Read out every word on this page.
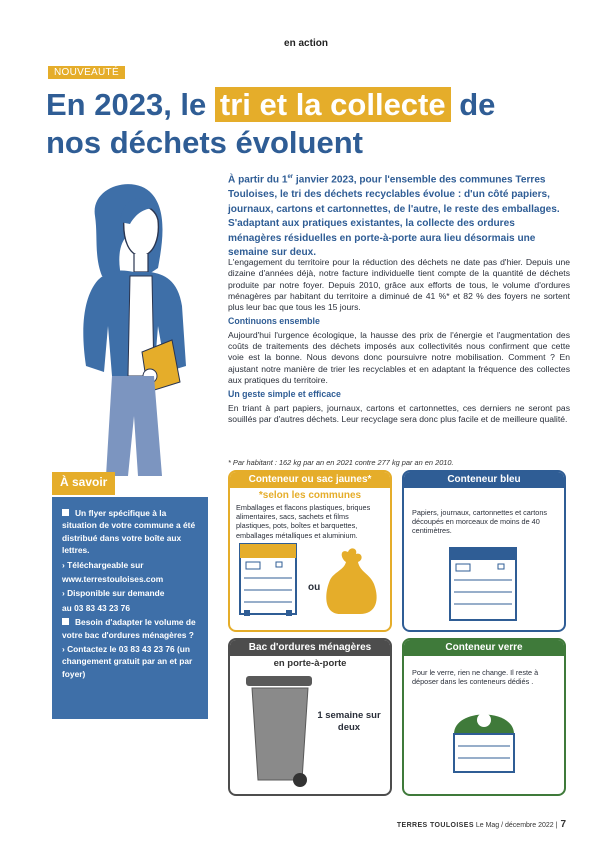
en action
NOUVEAUTÉ
En 2023, le tri et la collecte de
nos déchets évoluent
À partir du 1er janvier 2023, pour l'ensemble des communes Terres Touloises, le tri des déchets recyclables évolue : d'un côté papiers, journaux, cartons et cartonnettes, de l'autre, le reste des emballages. S'adaptant aux pratiques existantes, la collecte des ordures ménagères résiduelles en porte-à-porte aura lieu désormais une semaine sur deux.

L'engagement du territoire pour la réduction des déchets ne date pas d'hier. Depuis une dizaine d'années déjà, notre facture individuelle tient compte de la quantité de déchets produite par notre foyer. Depuis 2010, grâce aux efforts de tous, le volume d'ordures ménagères par habitant du territoire a diminué de 41 %* et 82 % des foyers ne sortent plus leur bac que tous les 15 jours.

Continuons ensemble

Aujourd'hui l'urgence écologique, la hausse des prix de l'énergie et l'augmentation des coûts de traitements des déchets imposés aux collectivités nous confirment que cette voie est la bonne. Nous devons donc poursuivre notre mobilisation. Comment ? En ajustant notre manière de trier les recyclables et en adaptant la fréquence des collectes aux pratiques du territoire.

Un geste simple et efficace

En triant à part papiers, journaux, cartons et cartonnettes, ces derniers ne seront pas souillés par d'autres déchets. Leur recyclage sera donc plus facile et de meilleure qualité.

* Par habitant : 162 kg par an en 2021 contre 277 kg par an en 2010.

Un flyer spécifique à la situation de votre commune a été distribué dans votre boîte aux lettres.

› Téléchargeable sur

www.terrestouloises.com

› Disponible sur demande

au 03 83 43 23 76

Besoin d'adapter le volume de votre bac d'ordures ménagères ?

› Contactez le 03 83 43 23 76 (un changement gratuit par an et par foyer)

À savoir	Conteneur ou sac jaunes*
*selon les communes
Emballages et flacons plastiques, briques alimentaires, sacs, sachets et films plastiques, pots, boîtes et barquettes, emballages métalliques et aluminium.
ou
Conteneur bleu
Papiers, journaux, cartonnettes et cartons découpés en morceaux de moins de 40 centimètres.
Bac d'ordures ménagères
en porte-à-porte
1 semaine sur deux
Conteneur verre
Pour le verre, rien ne change. Il reste à déposer dans les conteneurs dédiés .
TERRES TOULOISES Le Mag / décembre 2022 | 7
